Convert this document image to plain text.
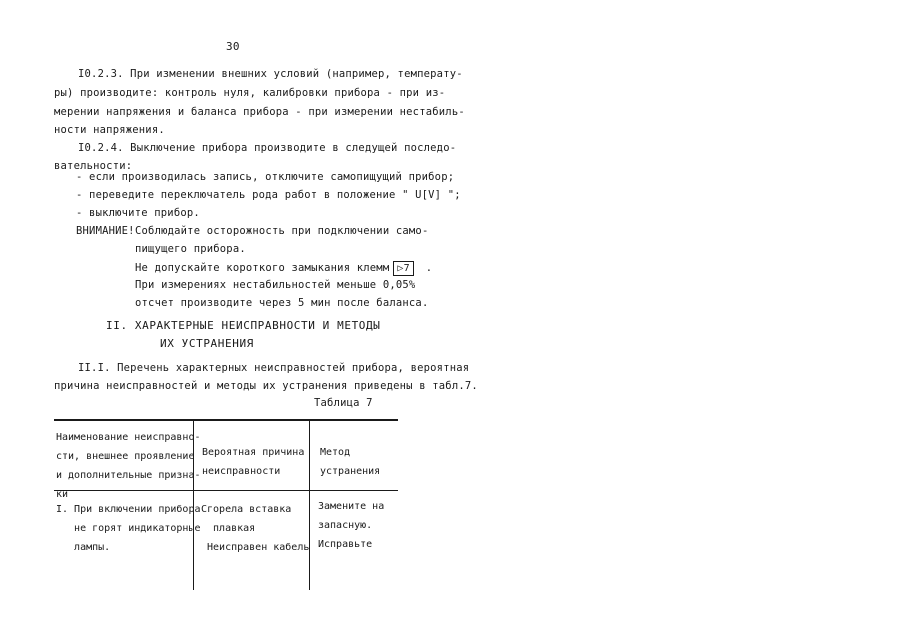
30
I0.2.3. При изменении внешних условий (например, температу-
ры) производите: контроль нуля, калибровки прибора - при из-
мерении напряжения и баланса прибора - при измерении нестабиль-
ности напряжения.
I0.2.4. Выключение прибора производите в следущей последо-
вательности:
- если производилась запись, отключите самопищущий прибор;
- переведите переключатель рода работ в положение " U[V] ";
- выключите прибор.
ВНИМАНИЕ! Соблюдайте осторожность при подключении само-
пищущего прибора.
Не допускайте короткого замыкания клемм ▷7 .
При измерениях нестабильностей меньше 0,05%
отсчет производите через 5 мин после баланса.
II. ХАРАКТЕРНЫЕ НЕИСПРАВНОСТИ И МЕТОДЫ
ИХ УСТРАНЕНИЯ
II.I. Перечень характерных неисправностей прибора, вероятная
причина неисправностей и методы их устранения приведены в табл.7.
Таблица 7
Наименование неисправно-
сти, внешнее проявление
и дополнительные призна-
ки
Вероятная причина
неисправности
Метод
устранения
I. При включении прибора
не горят индикаторные
лампы.
Сгорела вставка
плавкая
Неисправен кабель
Замените на
запасную.
Исправьте
